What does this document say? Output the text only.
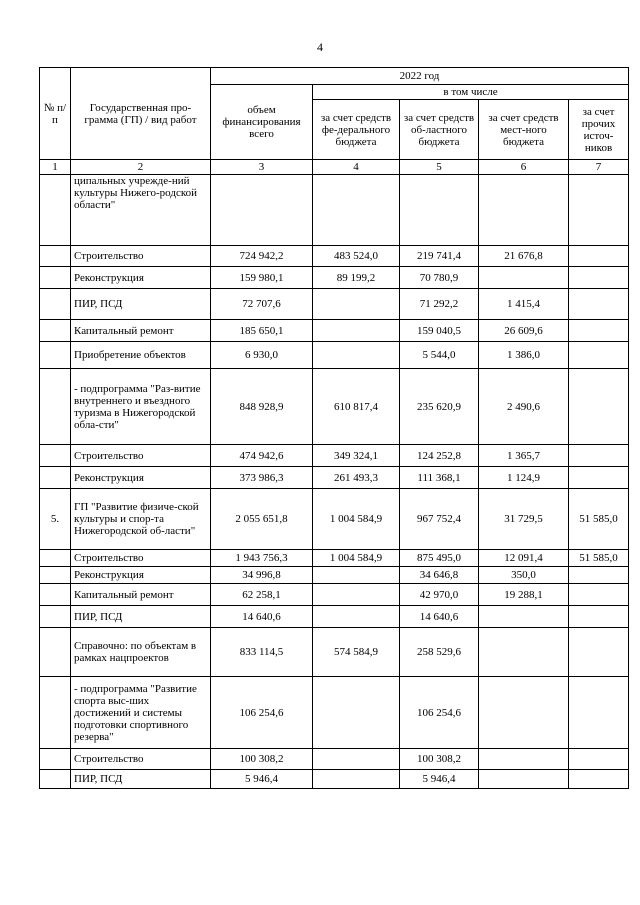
4
№ п/п	Государственная про-грамма (ГП) / вид работ	2022 год				
		объем финансирования всего	в том числе			
			за счет средств фе-дерального бюджета	за счет средств об-ластного бюджета	за счет средств мест-ного бюджета	за счет прочих источ-ников
1	2	3	4	5	6	7
	ципальных учрежде-ний культуры Нижего-родской области"					
	Строительство	724 942,2	483 524,0	219 741,4	21 676,8	
	Реконструкция	159 980,1	89 199,2	70 780,9		
	ПИР, ПСД	72 707,6		71 292,2	1 415,4	
	Капитальный ремонт	185 650,1		159 040,5	26 609,6	
	Приобретение объектов	6 930,0		5 544,0	1 386,0	
	- подпрограмма "Раз-витие внутреннего и въездного туризма в Нижегородской обла-сти"	848 928,9	610 817,4	235 620,9	2 490,6	
	Строительство	474 942,6	349 324,1	124 252,8	1 365,7	
	Реконструкция	373 986,3	261 493,3	111 368,1	1 124,9	
5.	ГП "Развитие физиче-ской культуры и спор-та Нижегородской об-ласти"	2 055 651,8	1 004 584,9	967 752,4	31 729,5	51 585,0
	Строительство	1 943 756,3	1 004 584,9	875 495,0	12 091,4	51 585,0
	Реконструкция	34 996,8		34 646,8	350,0	
	Капитальный ремонт	62 258,1		42 970,0	19 288,1	
	ПИР, ПСД	14 640,6		14 640,6		
	Справочно: по объектам в рамках нацпроектов	833 114,5	574 584,9	258 529,6		
	- подпрограмма "Развитие спорта выс-ших достижений и системы подготовки спортивного резерва"	106 254,6		106 254,6		
	Строительство	100 308,2		100 308,2		
	ПИР, ПСД	5 946,4		5 946,4		
